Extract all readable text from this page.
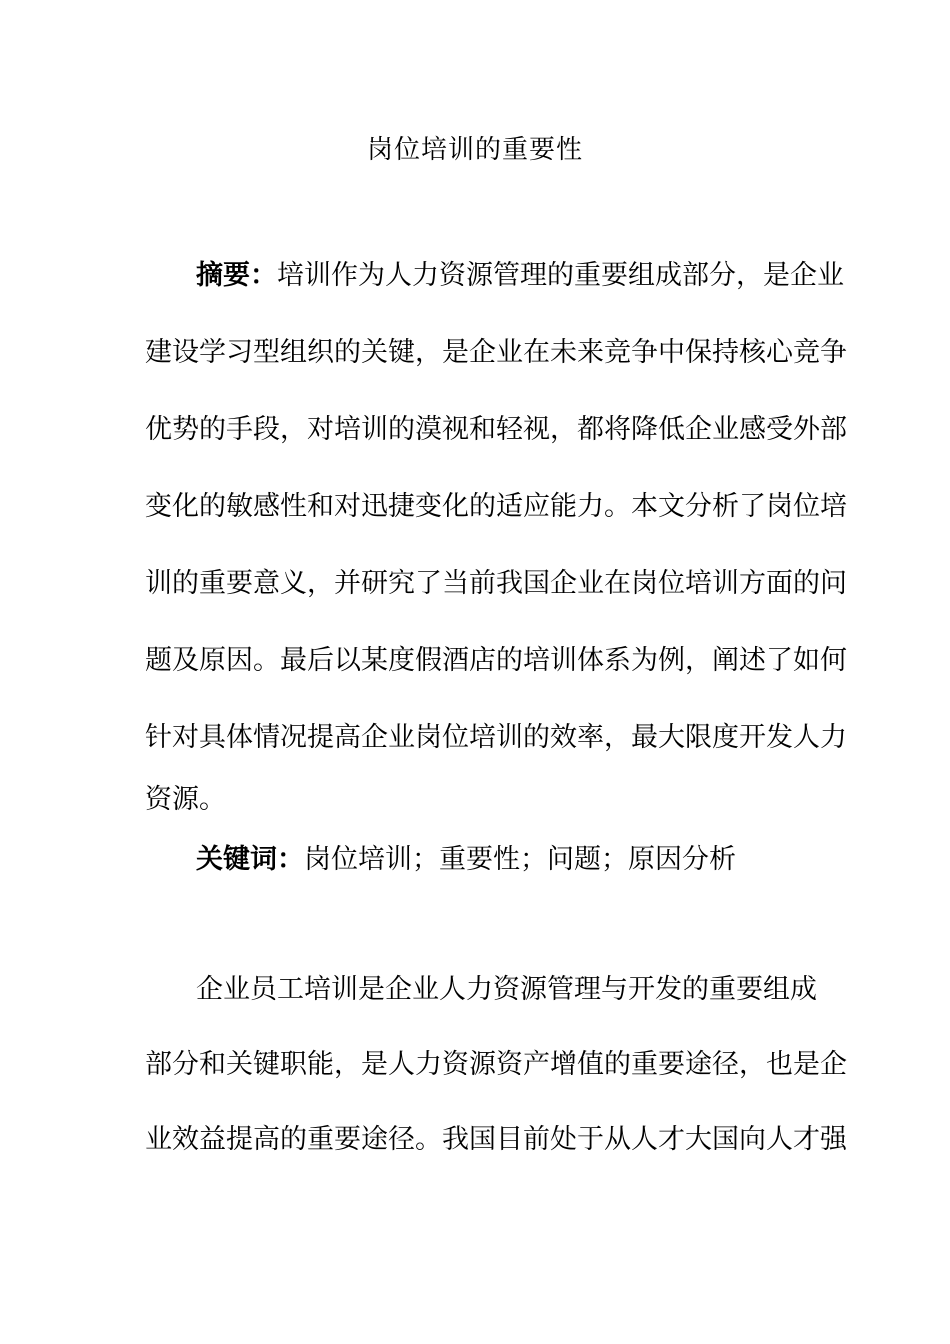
岗位培训的重要性
摘要：培训作为人力资源管理的重要组成部分，是企业
建设学习型组织的关键，是企业在未来竞争中保持核心竞争
优势的手段，对培训的漠视和轻视，都将降低企业感受外部
变化的敏感性和对迅捷变化的适应能力。本文分析了岗位培
训的重要意义，并研究了当前我国企业在岗位培训方面的问
题及原因。最后以某度假酒店的培训体系为例，阐述了如何
针对具体情况提高企业岗位培训的效率，最大限度开发人力
资源。
关键词：岗位培训；重要性；问题；原因分析
企业员工培训是企业人力资源管理与开发的重要组成
部分和关键职能，是人力资源资产增值的重要途径，也是企
业效益提高的重要途径。我国目前处于从人才大国向人才强
